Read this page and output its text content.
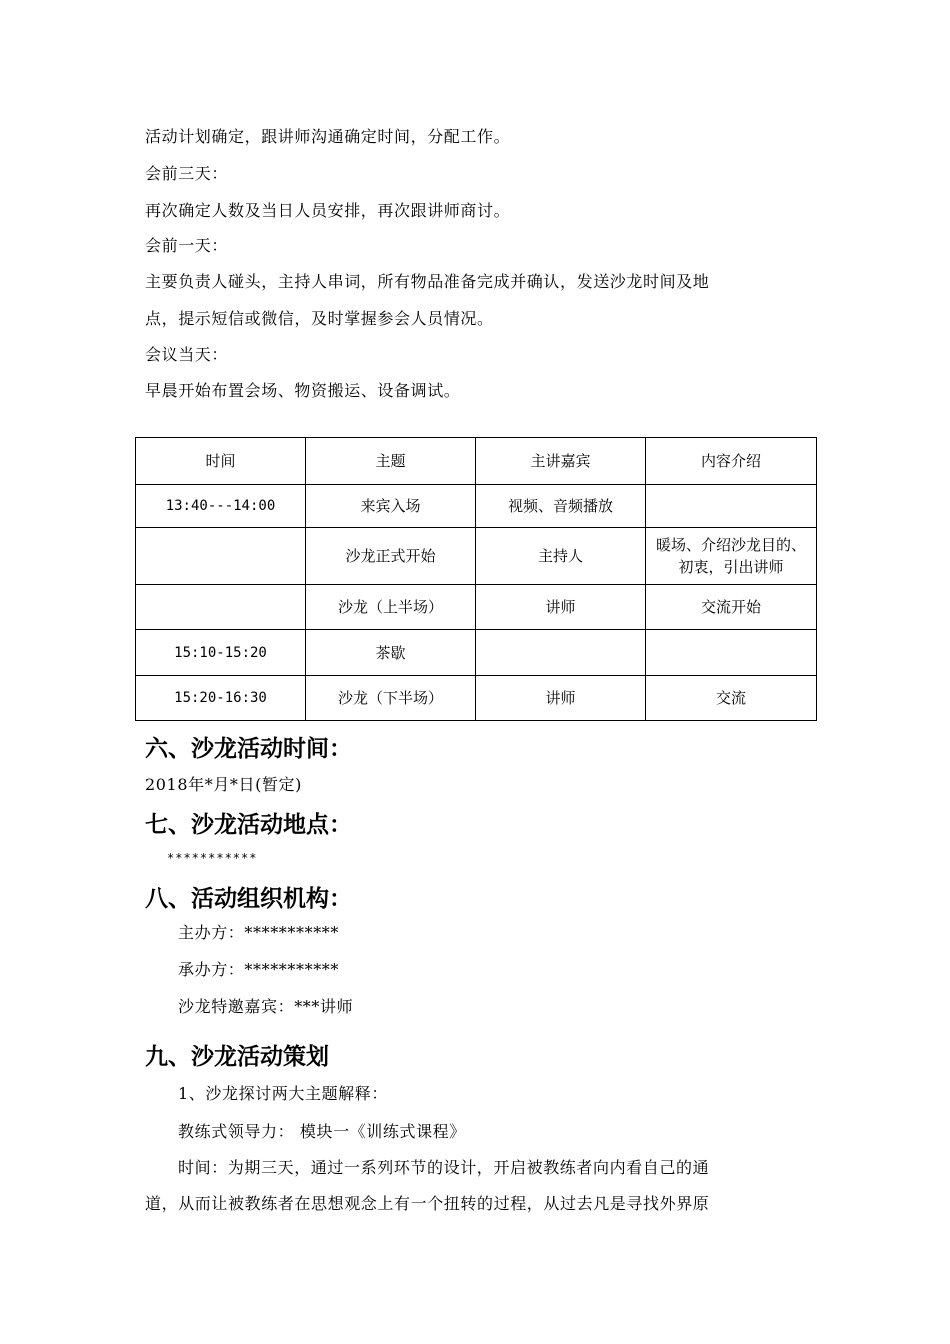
活动计划确定，跟讲师沟通确定时间，分配工作。
会前三天：
再次确定人数及当日人员安排，再次跟讲师商讨。
会前一天：
主要负责人碰头，主持人串词，所有物品准备完成并确认，发送沙龙时间及地
点，提示短信或微信，及时掌握参会人员情况。
会议当天：
早晨开始布置会场、物资搬运、设备调试。
时间	主题	主讲嘉宾	内容介绍
13:40---14:00	来宾入场	视频、音频播放	
	沙龙正式开始	主持人	暖场、介绍沙龙目的、初衷，引出讲师
	沙龙（上半场）	讲师	交流开始
15:10-15:20	茶歇		
15:20-16:30	沙龙（下半场）	讲师	交流
六、沙龙活动时间：
2018年*月*日(暂定)
七、沙龙活动地点：
***********
八、活动组织机构：
主办方：***********
承办方：***********
沙龙特邀嘉宾：***讲师
九、沙龙活动策划
1、沙龙探讨两大主题解释：
教练式领导力： 模块一《训练式课程》
时间：为期三天，通过一系列环节的设计，开启被教练者向内看自己的通
道，从而让被教练者在思想观念上有一个扭转的过程，从过去凡是寻找外界原
